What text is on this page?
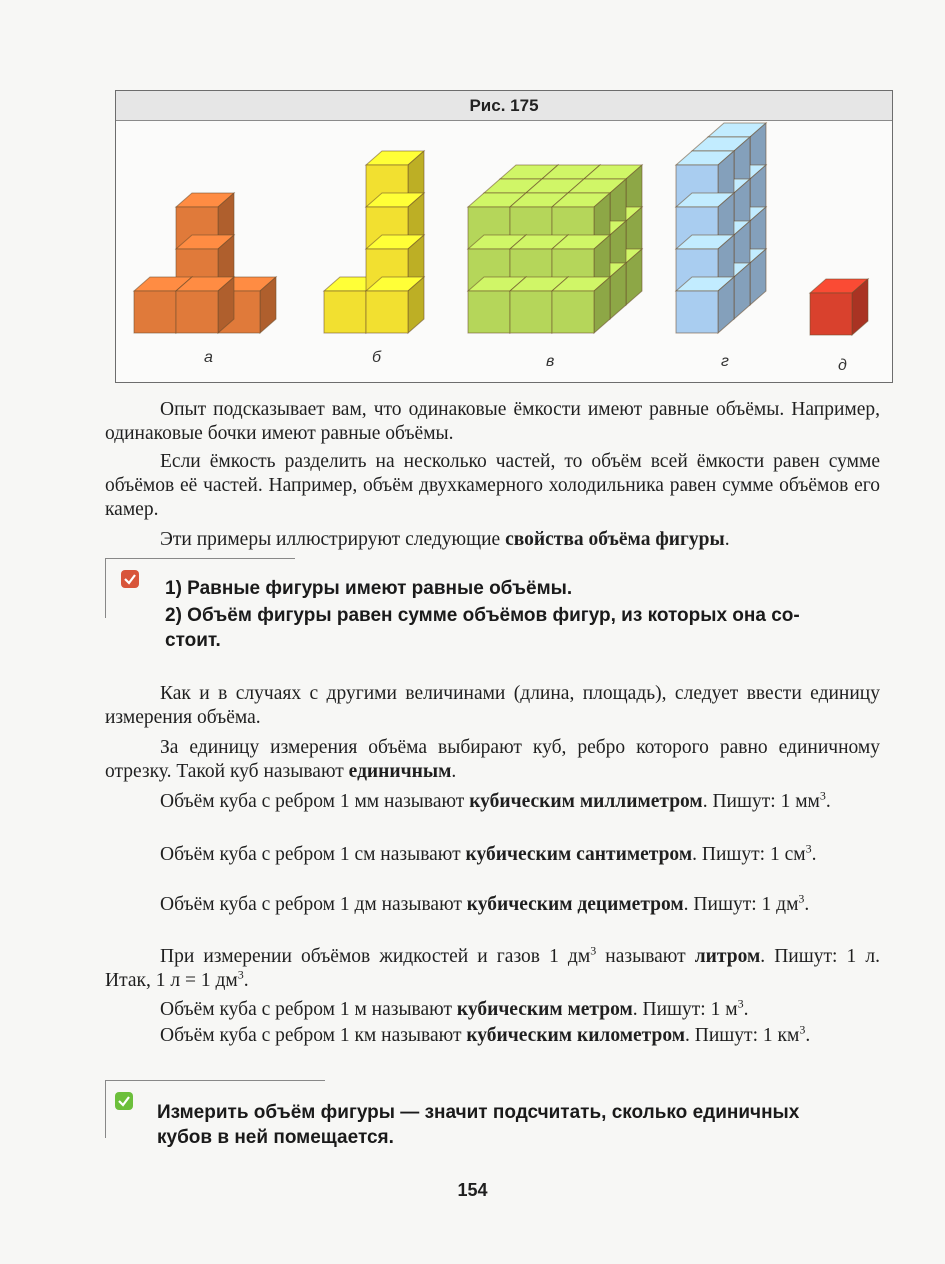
Рис. 175
а	б	в	г	д
Опыт подсказывает вам, что одинаковые ёмкости имеют равные объёмы. Например, одинаковые бочки имеют равные объёмы.
Если ёмкость разделить на несколько частей, то объём всей ёмкости равен сумме объёмов её частей. Например, объём двухкамерного холодильника равен сумме объёмов его камер.
Эти примеры иллюстрируют следующие свойства объёма фигуры.
1) Равные фигуры имеют равные объёмы.
2) Объём фигуры равен сумме объёмов фигур, из которых она со-
стоит.
Как и в случаях с другими величинами (длина, площадь), следует ввести единицу измерения объёма.
За единицу измерения объёма выбирают куб, ребро которого равно единичному отрезку. Такой куб называют единичным.
Объём куба с ребром 1 мм называют кубическим миллиметром. Пишут: 1 $мм^3$.
Объём куба с ребром 1 см называют кубическим сантиметром. Пишут: 1 $см^3$.
Объём куба с ребром 1 дм называют кубическим дециметром. Пишут: 1 $дм^3$.
При измерении объёмов жидкостей и газов 1 $дм^3$ называют литром. Пишут: 1 л. Итак, 1 л = 1 $дм^3$.
Объём куба с ребром 1 м называют кубическим метром. Пишут: 1 $м^3$.
Объём куба с ребром 1 км называют кубическим километром. Пишут: 1 $км^3$.
Измерить объём фигуры — значит подсчитать, сколько единичных
кубов в ней помещается.
154
